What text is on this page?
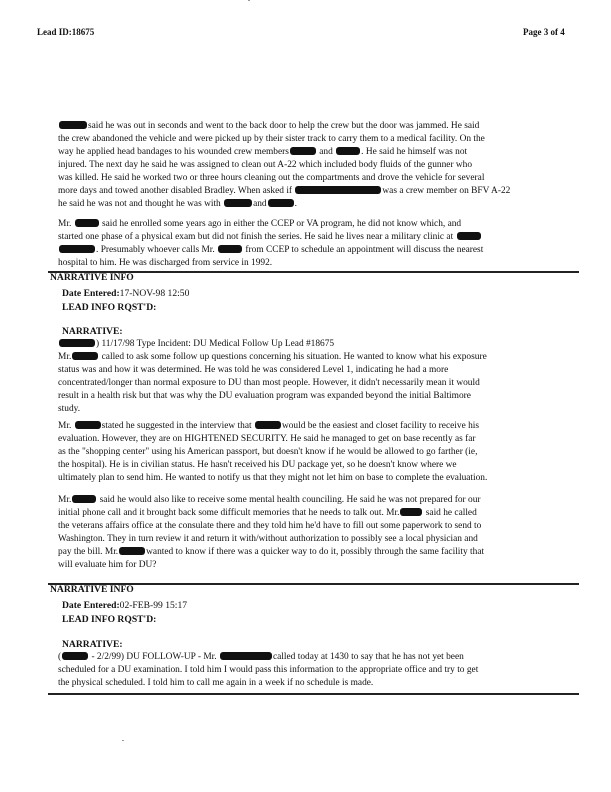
Lead ID:18675	Page 3 of 4

said he was out in seconds and went to the back door to help the crew but the door was jammed. He said
the crew abandoned the vehicle and were picked up by their sister track to carry them to a medical facility. On the
way he applied head bandages to his wounded crew members	and	. He said he himself was not
injured. The next day he said he was assigned to clean out A-22 which included body fluids of the gunner who
was killed. He said he worked two or three hours cleaning out the compartments and drove the vehicle for several
more days and towed another disabled Bradley. When asked if	was a crew member on BFV A-22
he said he was not and thought he was with	and	.

Mr.	said he enrolled some years ago in either the CCEP or VA program, he did not know which, and
started one phase of a physical exam but did not finish the series. He said he lives near a military clinic at
. Presumably whoever calls Mr.	from CCEP to schedule an appointment will discuss the nearest
hospital to him. He was discharged from service in 1992.

NARRATIVE INFO
Date Entered:17-NOV-98 12:50
LEAD INFO RQST'D:
NARRATIVE:

) 11/17/98 Type Incident: DU Medical Follow Up Lead #18675
Mr.	called to ask some follow up questions concerning his situation. He wanted to know what his exposure
status was and how it was determined. He was told he was considered Level 1, indicating he had a more
concentrated/longer than normal exposure to DU than most people. However, it didn't necessarily mean it would
result in a health risk but that was why the DU evaluation program was expanded beyond the initial Baltimore
study.

Mr.	stated he suggested in the interview that	would be the easiest and closet facility to receive his
evaluation. However, they are on HIGHTENED SECURITY. He said he managed to get on base recently as far
as the "shopping center" using his American passport, but doesn't know if he would be allowed to go farther (ie,
the hospital). He is in civilian status. He hasn't received his DU package yet, so he doesn't know where we
ultimately plan to send him. He wanted to notify us that they might not let him on base to complete the evaluation.

Mr.	said he would also like to receive some mental health counciling. He said he was not prepared for our
initial phone call and it brought back some difficult memories that he needs to talk out. Mr.	said he called
the veterans affairs office at the consulate there and they told him he'd have to fill out some paperwork to send to
Washington. They in turn review it and return it with/without authorization to possibly see a local physician and
pay the bill. Mr.	wanted to know if there was a quicker way to do it, possibly through the same facility that
will evaluate him for DU?

NARRATIVE INFO
Date Entered:02-FEB-99 15:17
LEAD INFO RQST'D:
NARRATIVE:

(	- 2/2/99) DU FOLLOW-UP - Mr.	called today at 1430 to say that he has not yet been
scheduled for a DU examination. I told him I would pass this information to the appropriate office and try to get
the physical scheduled. I told him to call me again in a week if no schedule is made.
